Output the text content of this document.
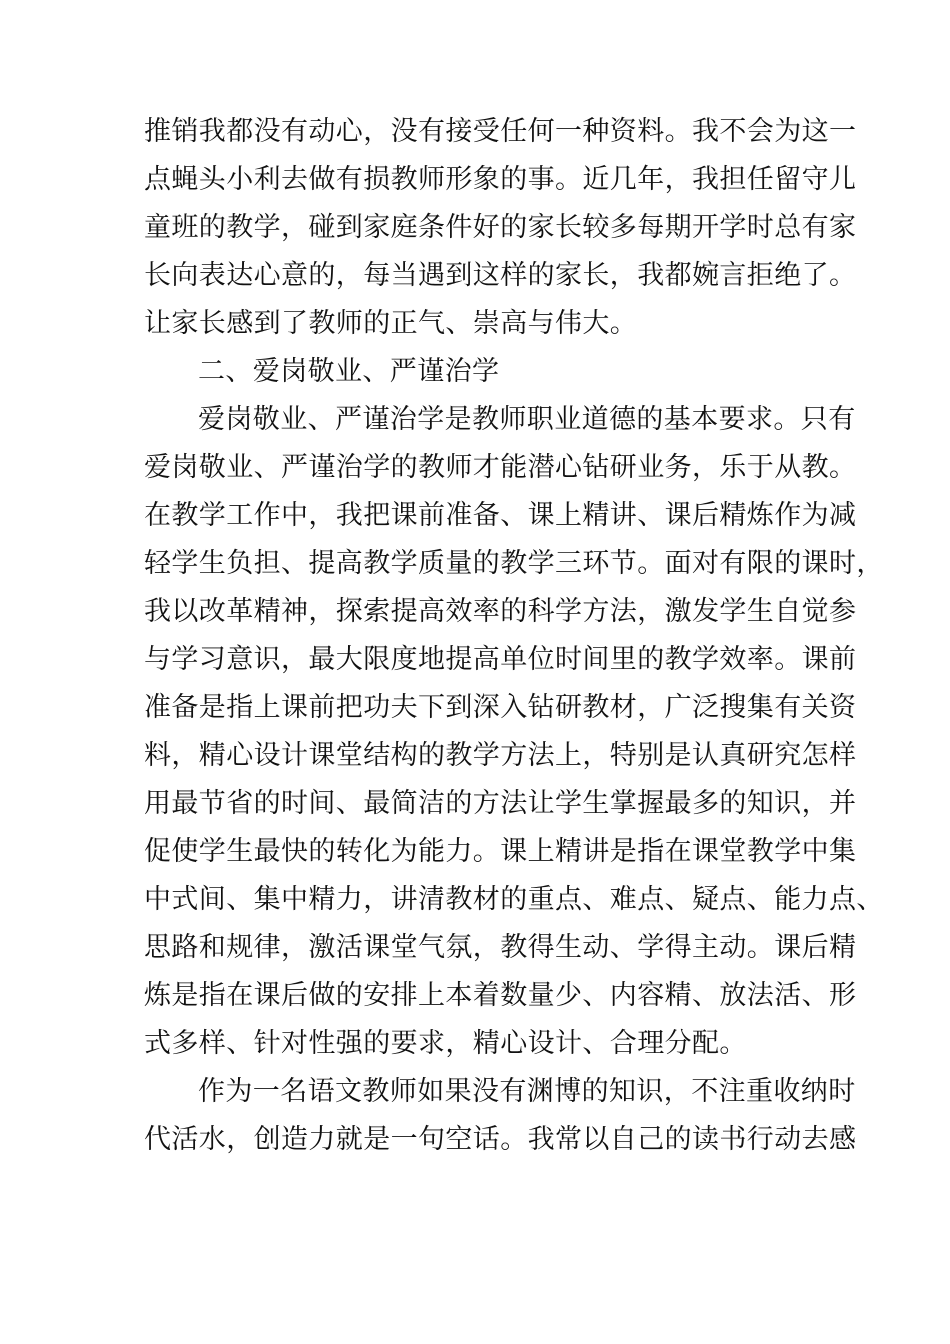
推销我都没有动心，没有接受任何一种资料。我不会为这一
点蝇头小利去做有损教师形象的事。近几年，我担任留守儿
童班的教学，碰到家庭条件好的家长较多每期开学时总有家
长向表达心意的，每当遇到这样的家长，我都婉言拒绝了。
让家长感到了教师的正气、崇高与伟大。
二、爱岗敬业、严谨治学
爱岗敬业、严谨治学是教师职业道德的基本要求。只有
爱岗敬业、严谨治学的教师才能潜心钻研业务，乐于从教。
在教学工作中，我把课前准备、课上精讲、课后精炼作为减
轻学生负担、提高教学质量的教学三环节。面对有限的课时，
我以改革精神，探索提高效率的科学方法，激发学生自觉参
与学习意识，最大限度地提高单位时间里的教学效率。课前
准备是指上课前把功夫下到深入钻研教材，广泛搜集有关资
料，精心设计课堂结构的教学方法上，特别是认真研究怎样
用最节省的时间、最简洁的方法让学生掌握最多的知识，并
促使学生最快的转化为能力。课上精讲是指在课堂教学中集
中式间、集中精力，讲清教材的重点、难点、疑点、能力点、
思路和规律，激活课堂气氛，教得生动、学得主动。课后精
炼是指在课后做的安排上本着数量少、内容精、放法活、形
式多样、针对性强的要求，精心设计、合理分配。
作为一名语文教师如果没有渊博的知识，不注重收纳时
代活水，创造力就是一句空话。我常以自己的读书行动去感
